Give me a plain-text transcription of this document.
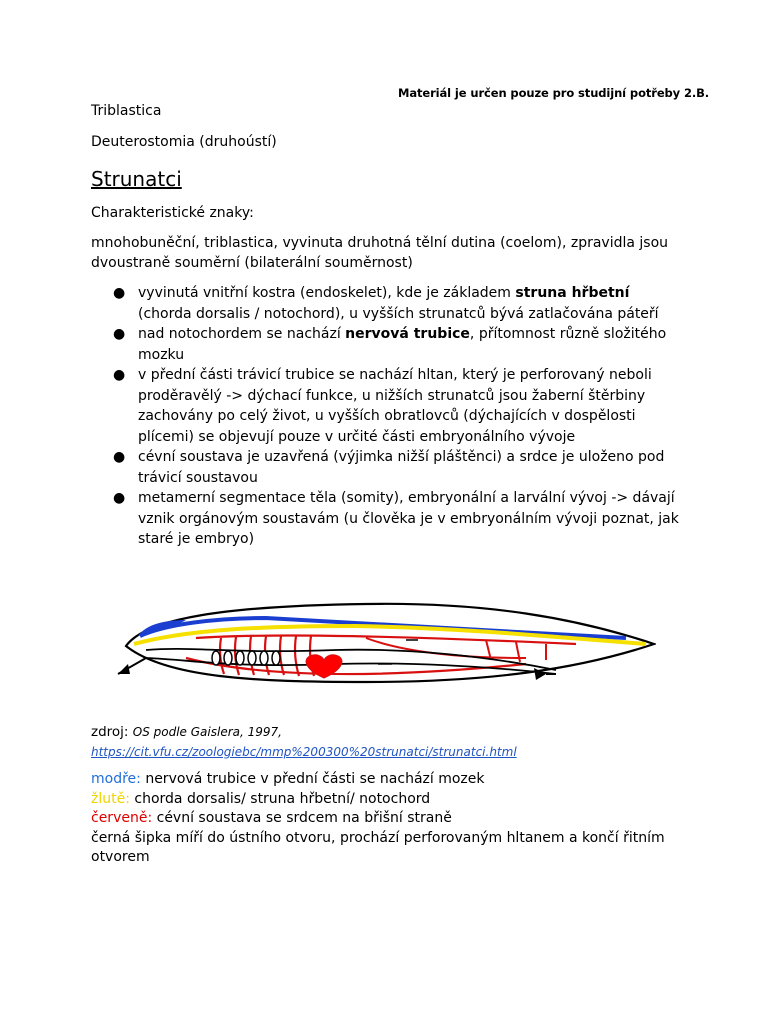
Materiál je určen pouze pro studijní potřeby 2.B.
Triblastica
Deuterostomia (druhoústí)
Strunatci
Charakteristické znaky:
mnohobuněční, triblastica, vyvinuta druhotná tělní dutina (coelom), zpravidla jsou dvoustraně souměrní (bilaterální souměrnost)
● vyvinutá vnitřní kostra (endoskelet), kde je základem struna hřbetní (chorda dorsalis / notochord), u vyšších strunatců bývá zatlačována páteří
● nad notochordem se nachází nervová trubice, přítomnost různě složitého mozku
● v přední části trávicí trubice se nachází hltan, který je perforovaný neboli proděravělý -> dýchací funkce, u nižších strunatců jsou žaberní štěrbiny zachovány po celý život, u vyšších obratlovců (dýchajících v dospělosti plícemi) se objevují pouze v určité části embryonálního vývoje
● cévní soustava je uzavřená (výjimka nižší pláštěnci) a srdce je uloženo pod trávicí soustavou
● metamerní segmentace těla (somity), embryonální a larvální vývoj -> dávají vznik orgánovým soustavám (u člověka je v embryonálním vývoji poznat, jak staré je embryo)
zdroj: OS podle Gaislera, 1997,
https://cit.vfu.cz/zoologiebc/mmp%200300%20strunatci/strunatci.html
modře: nervová trubice v přední části se nachází mozek
žlutě: chorda dorsalis/ struna hřbetní/ notochord
červeně: cévní soustava se srdcem na břišní straně
černá šipka míří do ústního otvoru, prochází perforovaným hltanem a končí řitním otvorem
